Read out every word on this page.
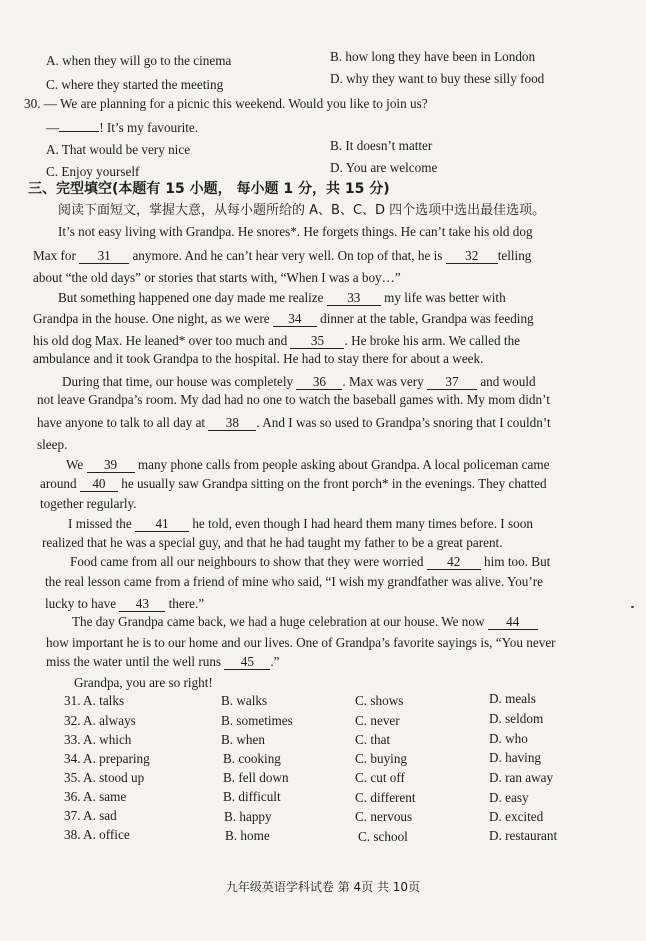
A. when they will go to the cinema	B. how long they have been in London
C. where they started the meeting	D. why they want to buy these silly food
30. — We are planning for a picnic this weekend. Would you like to join us?
—	! It’s my favourite.
A. That would be very nice	B. It doesn’t matter
C. Enjoy yourself	D. You are welcome
三、完型填空(本题有 15 小题， 每小题 1 分，共 15 分)
阅读下面短文，掌握大意，从每小题所给的 A、B、C、D 四个选项中选出最佳选项。
It’s not easy living with Grandpa. He snores*. He forgets things. He can’t take his old dog
Max for 31 anymore. And he can’t hear very well. On top of that, he is 32 telling
about “the old days” or stories that starts with, “When I was a boy…”
But something happened one day made me realize 33 my life was better with
Grandpa in the house. One night, as we were 34 dinner at the table, Grandpa was feeding
his old dog Max. He leaned* over too much and 35 . He broke his arm. We called the
ambulance and it took Grandpa to the hospital. He had to stay there for about a week.
During that time, our house was completely 36 . Max was very 37 and would
not leave Grandpa’s room. My dad had no one to watch the baseball games with. My mom didn’t
have anyone to talk to all day at 38 . And I was so used to Grandpa’s snoring that I couldn’t
sleep.
We 39 many phone calls from people asking about Grandpa. A local policeman came
around 40 he usually saw Grandpa sitting on the front porch* in the evenings. They chatted
together regularly.
I missed the 41 he told, even though I had heard them many times before. I soon
realized that he was a special guy, and that he had taught my father to be a great parent.
Food came from all our neighbours to show that they were worried 42 him too. But
the real lesson came from a friend of mine who said, “I wish my grandfather was alive. You’re
lucky to have 43 there.”
The day Grandpa came back, we had a huge celebration at our house. We now 44
how important he is to our home and our lives. One of Grandpa’s favorite sayings is, “You never
miss the water until the well runs 45 .”
Grandpa, you are so right!
31. A. talks	B. walks	C. shows	D. meals
32. A. always	B. sometimes	C. never	D. seldom
33. A. which	B. when	C. that	D. who
34. A. preparing	B. cooking	C. buying	D. having
35. A. stood up	B. fell down	C. cut off	D. ran away
36. A. same	B. difficult	C. different	D. easy
37. A. sad	B. happy	C. nervous	D. excited
38. A. office	B. home	C. school	D. restaurant
九年级英语学科试卷 第 4页 共 10页
